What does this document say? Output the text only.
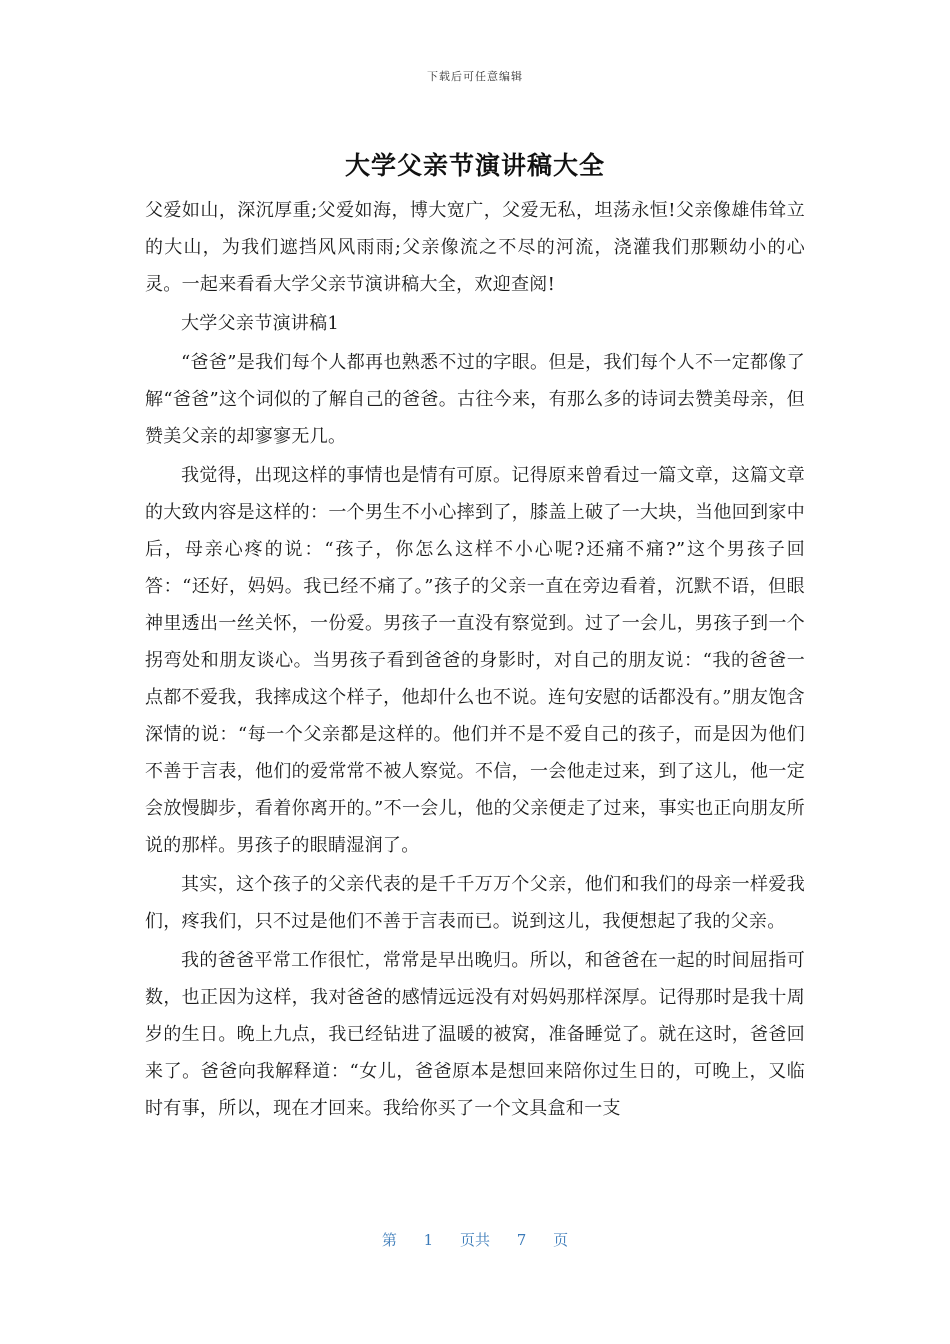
下载后可任意编辑
大学父亲节演讲稿大全

父爱如山，深沉厚重;父爱如海，博大宽广，父爱无私，坦荡永恒!父亲像雄伟耸立的大山，为我们遮挡风风雨雨;父亲像流之不尽的河流，浇灌我们那颗幼小的心灵。一起来看看大学父亲节演讲稿大全，欢迎查阅!

大学父亲节演讲稿1

“爸爸”是我们每个人都再也熟悉不过的字眼。但是，我们每个人不一定都像了解“爸爸”这个词似的了解自己的爸爸。古往今来，有那么多的诗词去赞美母亲，但赞美父亲的却寥寥无几。

我觉得，出现这样的事情也是情有可原。记得原来曾看过一篇文章，这篇文章的大致内容是这样的：一个男生不小心摔到了，膝盖上破了一大块，当他回到家中后，母亲心疼的说：“孩子，你怎么这样不小心呢?还痛不痛?”这个男孩子回答：“还好，妈妈。我已经不痛了。”孩子的父亲一直在旁边看着，沉默不语，但眼神里透出一丝关怀，一份爱。男孩子一直没有察觉到。过了一会儿，男孩子到一个拐弯处和朋友谈心。当男孩子看到爸爸的身影时，对自己的朋友说：“我的爸爸一点都不爱我，我摔成这个样子，他却什么也不说。连句安慰的话都没有。”朋友饱含深情的说：“每一个父亲都是这样的。他们并不是不爱自己的孩子，而是因为他们不善于言表，他们的爱常常不被人察觉。不信，一会他走过来，到了这儿，他一定会放慢脚步，看着你离开的。”不一会儿，他的父亲便走了过来，事实也正向朋友所说的那样。男孩子的眼睛湿润了。

其实，这个孩子的父亲代表的是千千万万个父亲，他们和我们的母亲一样爱我们，疼我们，只不过是他们不善于言表而已。说到这儿，我便想起了我的父亲。

我的爸爸平常工作很忙，常常是早出晚归。所以，和爸爸在一起的时间屈指可数，也正因为这样，我对爸爸的感情远远没有对妈妈那样深厚。记得那时是我十周岁的生日。晚上九点，我已经钻进了温暖的被窝，准备睡觉了。就在这时，爸爸回来了。爸爸向我解释道：“女儿，爸爸原本是想回来陪你过生日的，可晚上，又临时有事，所以，现在才回来。我给你买了一个文具盒和一支

第 1 页共 7 页
